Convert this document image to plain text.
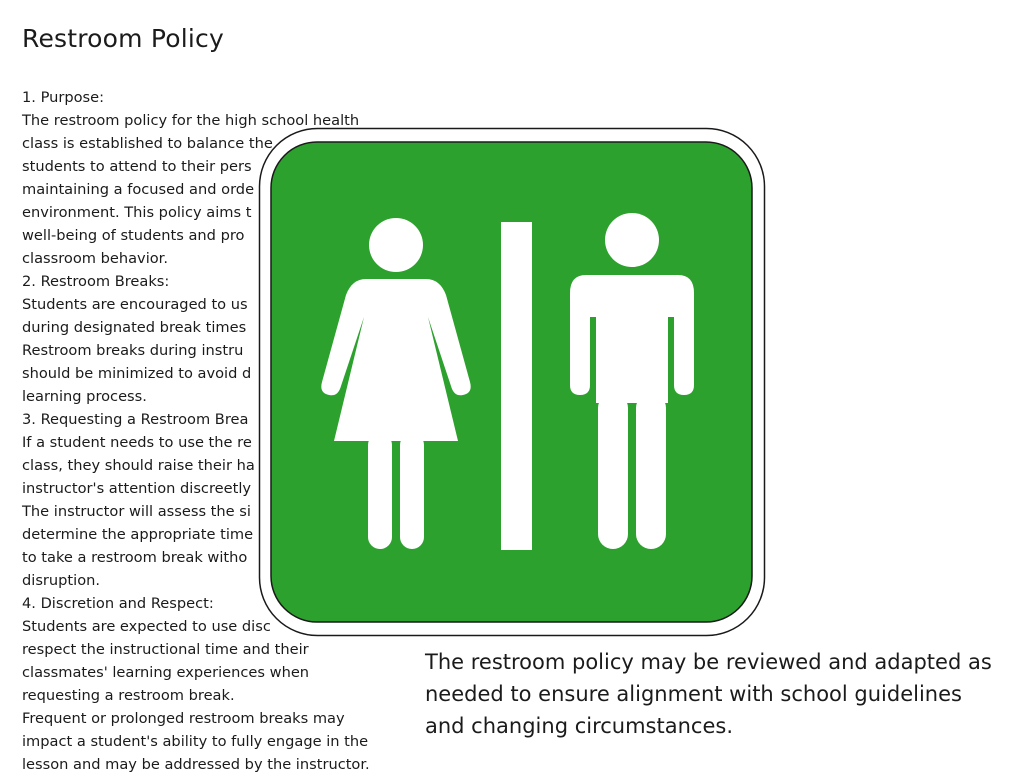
Restroom Policy

1. Purpose:

The restroom policy for the high school health

class is established to balance the

students to attend to their pers

maintaining a focused and orde

environment. This policy aims t

well-being of students and pro

classroom behavior.

2. Restroom Breaks:

Students are encouraged to us

during designated break times

Restroom breaks during instru

should be minimized to avoid d

learning process.

3. Requesting a Restroom Brea

If a student needs to use the re

class, they should raise their ha

instructor's attention discreetly

The instructor will assess the si

determine the appropriate time

to take a restroom break witho

disruption.

4. Discretion and Respect:

Students are expected to use disc

respect the instructional time and their

classmates' learning experiences when

requesting a restroom break.

Frequent or prolonged restroom breaks may

impact a student's ability to fully engage in the

lesson and may be addressed by the instructor.

The restroom policy may be reviewed and adapted as

needed to ensure alignment with school guidelines

and changing circumstances.
